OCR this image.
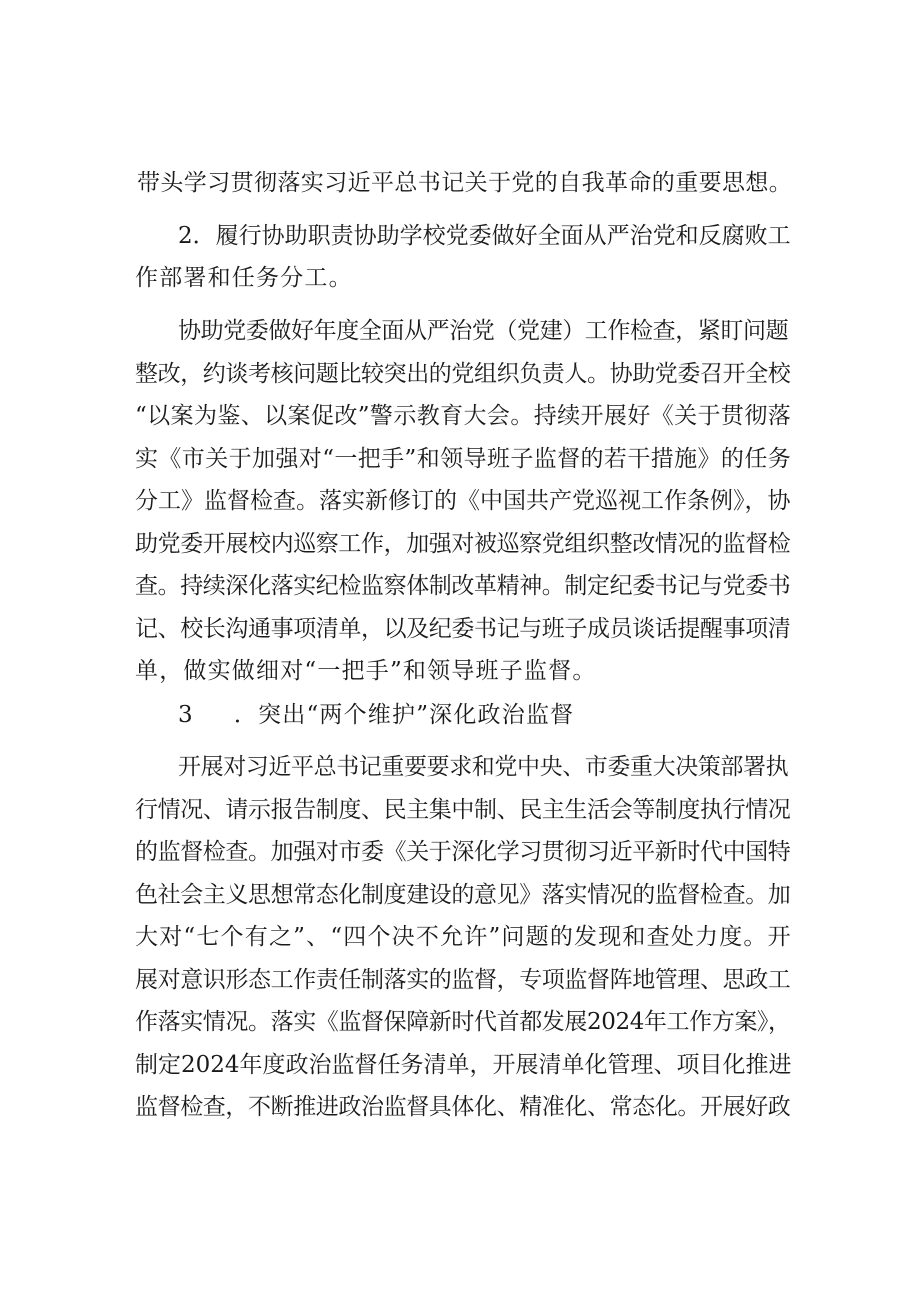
带头学习贯彻落实习近平总书记关于党的自我革命的重要思想。
2．履行协助职责协助学校党委做好全面从严治党和反腐败工
作部署和任务分工。
协助党委做好年度全面从严治党（党建）工作检查，紧盯问题
整改，约谈考核问题比较突出的党组织负责人。协助党委召开全校
“以案为鉴、以案促改”警示教育大会。持续开展好《关于贯彻落
实《市关于加强对“一把手”和领导班子监督的若干措施》的任务
分工》监督检查。落实新修订的《中国共产党巡视工作条例》，协
助党委开展校内巡察工作，加强对被巡察党组织整改情况的监督检
查。持续深化落实纪检监察体制改革精神。制定纪委书记与党委书
记、校长沟通事项清单，以及纪委书记与班子成员谈话提醒事项清
单，做实做细对“一把手”和领导班子监督。
3 ．突出“两个维护”深化政治监督
开展对习近平总书记重要要求和党中央、市委重大决策部署执
行情况、请示报告制度、民主集中制、民主生活会等制度执行情况
的监督检查。加强对市委《关于深化学习贯彻习近平新时代中国特
色社会主义思想常态化制度建设的意见》落实情况的监督检查。加
大对“七个有之”、“四个决不允许”问题的发现和查处力度。开
展对意识形态工作责任制落实的监督，专项监督阵地管理、思政工
作落实情况。落实《监督保障新时代首都发展2024年工作方案》，
制定2024年度政治监督任务清单，开展清单化管理、项目化推进
监督检查，不断推进政治监督具体化、精准化、常态化。开展好政
